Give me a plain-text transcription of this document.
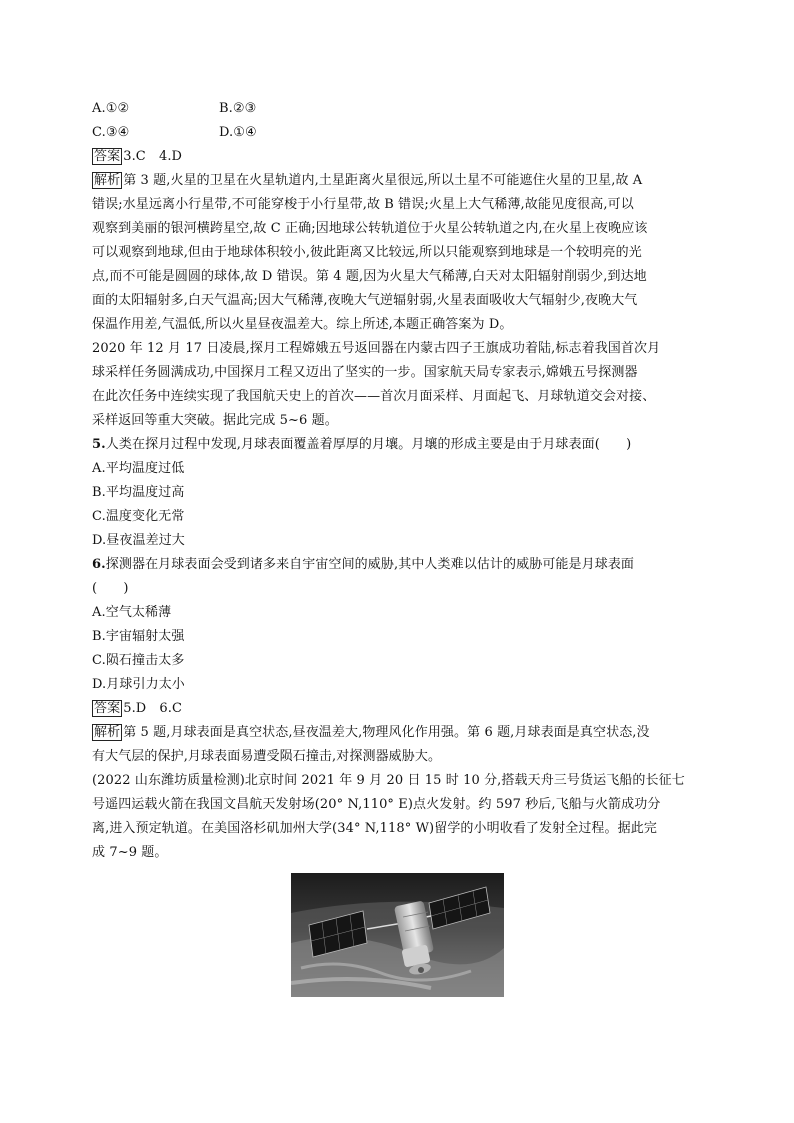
A.①②	B.②③
C.③④	D.①④
答案 3.C　4.D
解析 第 3 题,火星的卫星在火星轨道内,土星距离火星很远,所以土星不可能遮住火星的卫星,故 A
错误;水星远离小行星带,不可能穿梭于小行星带,故 B 错误;火星上大气稀薄,故能见度很高,可以
观察到美丽的银河横跨星空,故 C 正确;因地球公转轨道位于火星公转轨道之内,在火星上夜晚应该
可以观察到地球,但由于地球体积较小,彼此距离又比较远,所以只能观察到地球是一个较明亮的光
点,而不可能是圆圆的球体,故 D 错误。第 4 题,因为火星大气稀薄,白天对太阳辐射削弱少,到达地
面的太阳辐射多,白天气温高;因大气稀薄,夜晚大气逆辐射弱,火星表面吸收大气辐射少,夜晚大气
保温作用差,气温低,所以火星昼夜温差大。综上所述,本题正确答案为 D。
2020 年 12 月 17 日凌晨,探月工程嫦娥五号返回器在内蒙古四子王旗成功着陆,标志着我国首次月
球采样任务圆满成功,中国探月工程又迈出了坚实的一步。国家航天局专家表示,嫦娥五号探测器
在此次任务中连续实现了我国航天史上的首次——首次月面采样、月面起飞、月球轨道交会对接、
采样返回等重大突破。据此完成 5~6 题。
5.人类在探月过程中发现,月球表面覆盖着厚厚的月壤。月壤的形成主要是由于月球表面(　　)
A.平均温度过低
B.平均温度过高
C.温度变化无常
D.昼夜温差过大
6.探测器在月球表面会受到诸多来自宇宙空间的威胁,其中人类难以估计的威胁可能是月球表面
(　　)
A.空气太稀薄
B.宇宙辐射太强
C.陨石撞击太多
D.月球引力太小
答案 5.D　6.C
解析 第 5 题,月球表面是真空状态,昼夜温差大,物理风化作用强。第 6 题,月球表面是真空状态,没
有大气层的保护,月球表面易遭受陨石撞击,对探测器威胁大。
(2022 山东潍坊质量检测)北京时间 2021 年 9 月 20 日 15 时 10 分,搭载天舟三号货运飞船的长征七
号遥四运载火箭在我国文昌航天发射场(20° N,110° E)点火发射。约 597 秒后,飞船与火箭成功分
离,进入预定轨道。在美国洛杉矶加州大学(34° N,118° W)留学的小明收看了发射全过程。据此完
成 7~9 题。
